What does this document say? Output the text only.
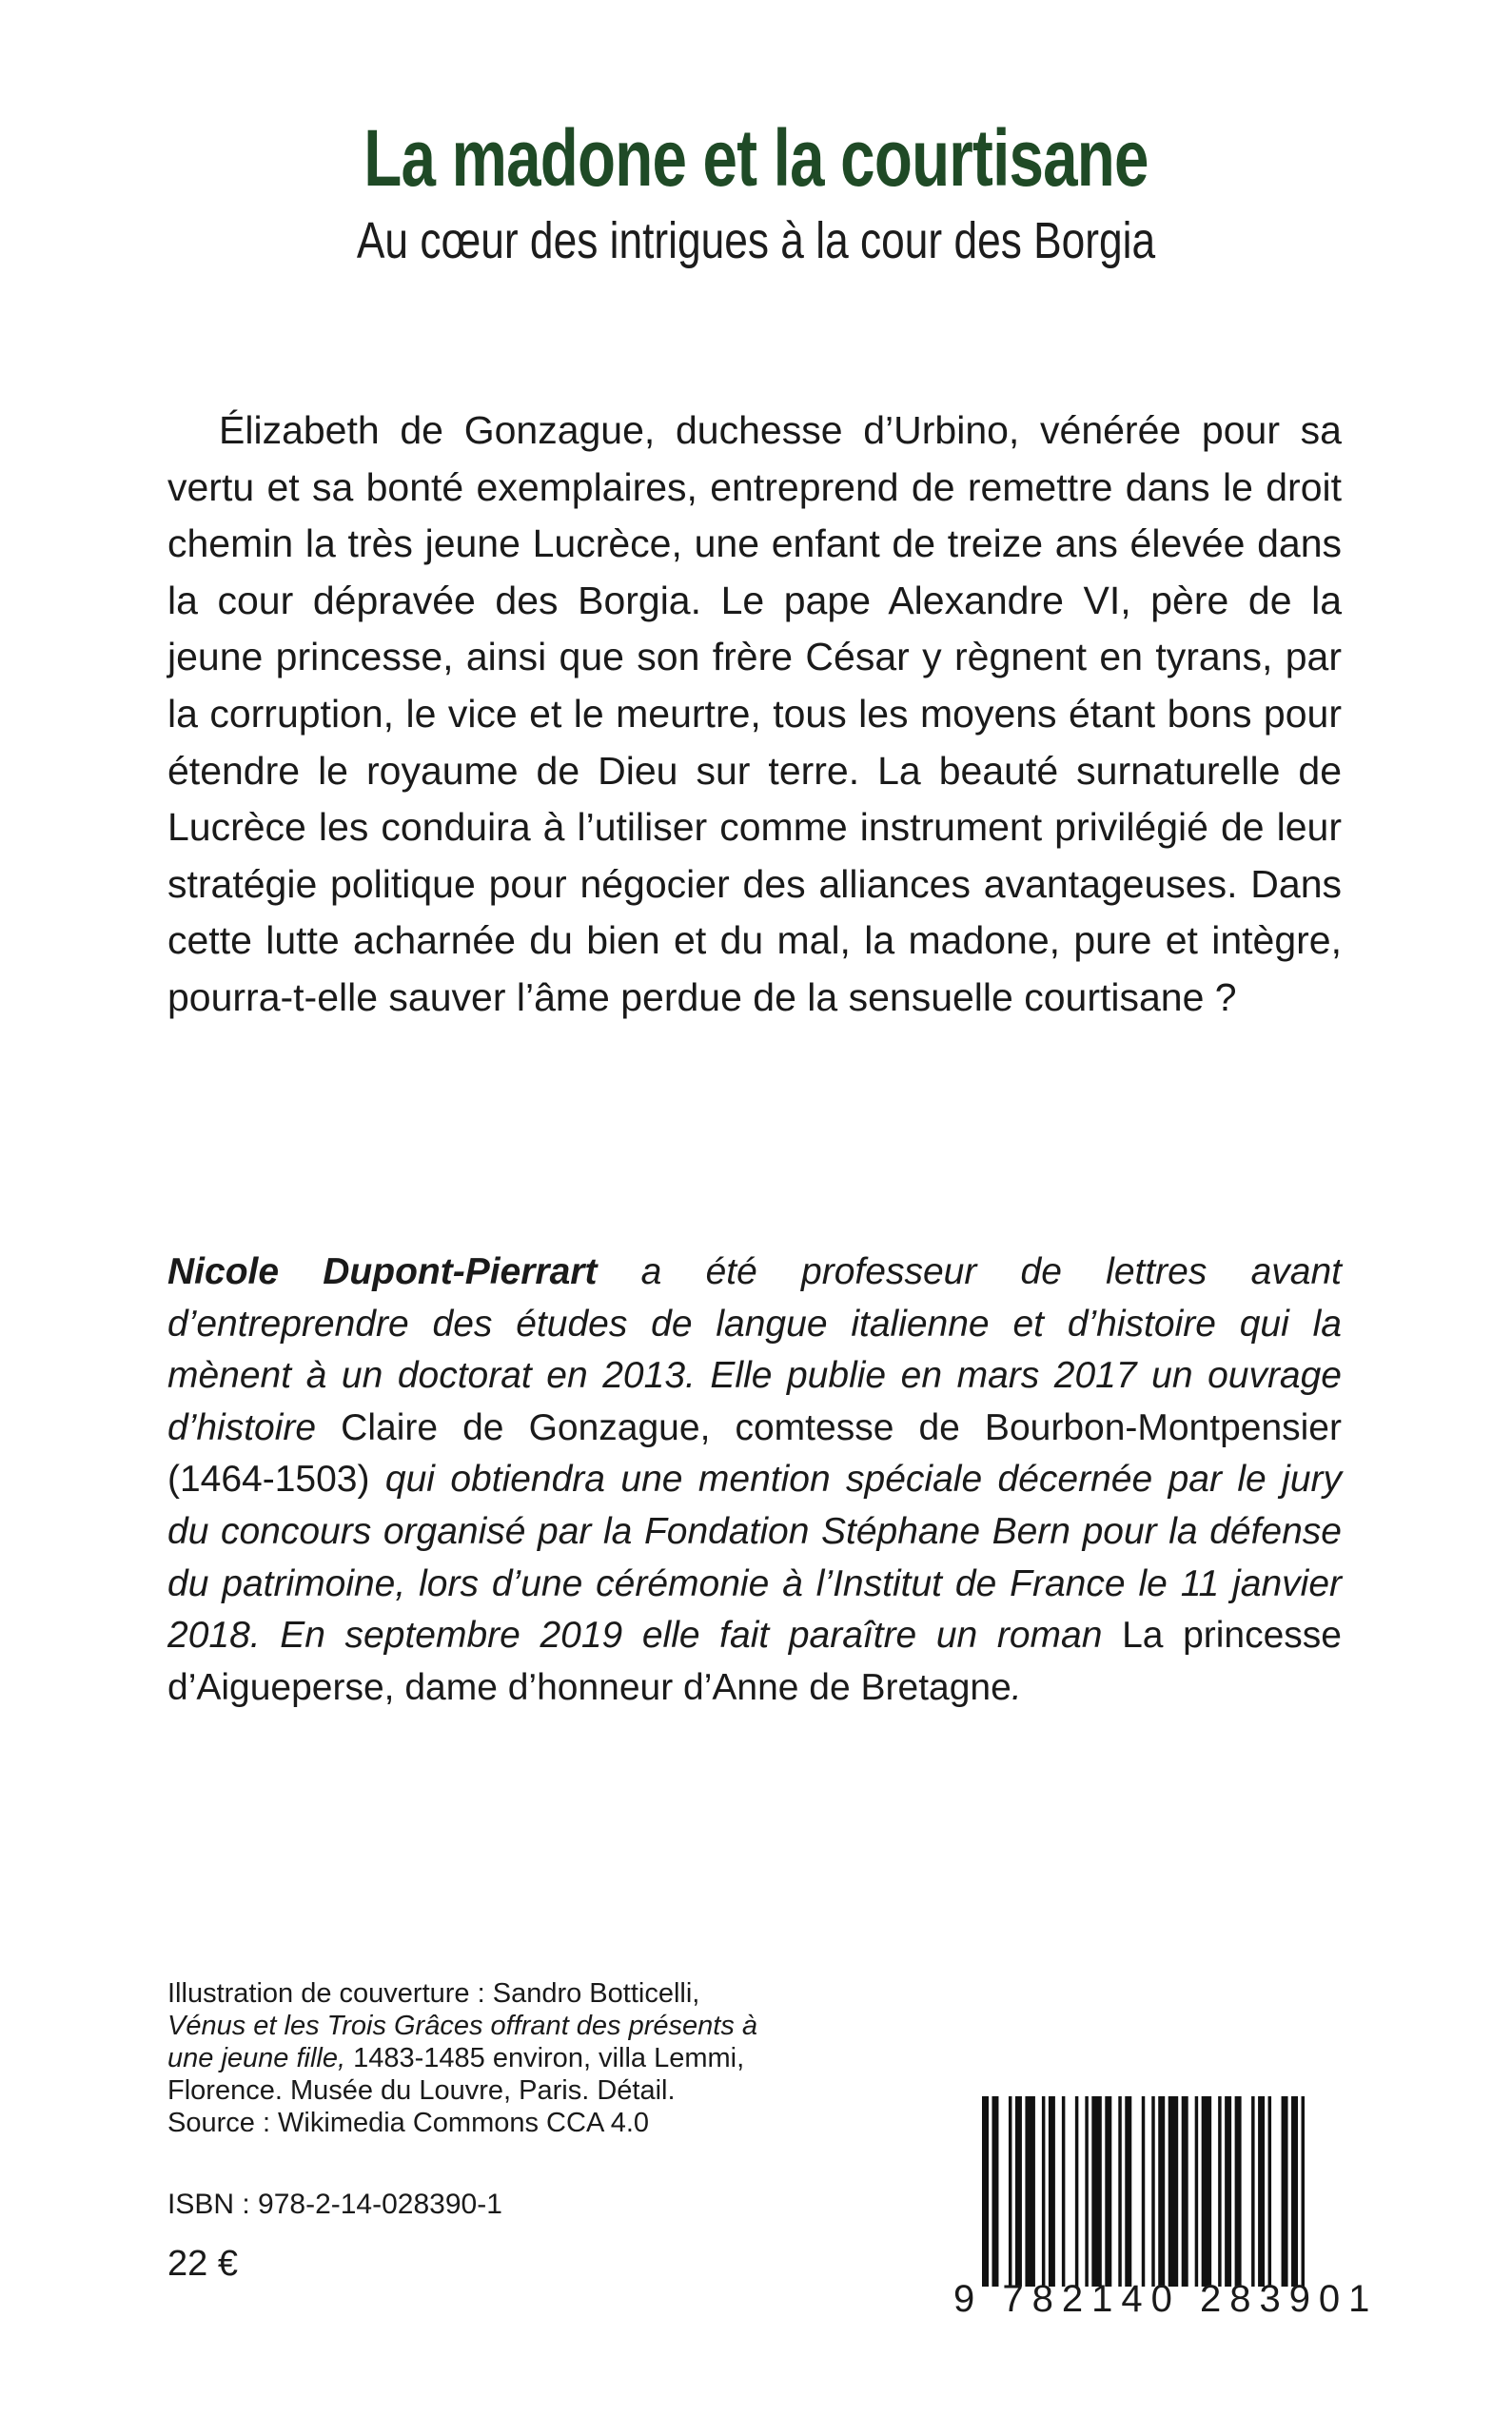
La madone et la courtisane
Au cœur des intrigues à la cour des Borgia

Élizabeth de Gonzague, duchesse d’Urbino, vénérée pour sa vertu et sa bonté exemplaires, entreprend de remettre dans le droit chemin la très jeune Lucrèce, une enfant de treize ans élevée dans la cour dépravée des Borgia. Le pape Alexandre VI, père de la jeune princesse, ainsi que son frère César y règnent en tyrans, par la corruption, le vice et le meurtre, tous les moyens étant bons pour étendre le royaume de Dieu sur terre. La beauté surnaturelle de Lucrèce les conduira à l’utiliser comme instrument privilégié de leur stratégie politique pour négocier des alliances avantageuses. Dans cette lutte acharnée du bien et du mal, la madone, pure et intègre, pourra-t-elle sauver l’âme perdue de la sensuelle courtisane ?

Nicole Dupont-Pierrart a été professeur de lettres avant d’entreprendre des études de langue italienne et d’histoire qui la mènent à un doctorat en 2013. Elle publie en mars 2017 un ouvrage d’histoire Claire de Gonzague, comtesse de Bourbon-Montpensier (1464-1503) qui obtiendra une mention spéciale décernée par le jury du concours organisé par la Fondation Stéphane Bern pour la défense du patrimoine, lors d’une cérémonie à l’Institut de France le 11 janvier 2018. En septembre 2019 elle fait paraître un roman La princesse d’Aigueperse, dame d’honneur d’Anne de Bretagne.

Illustration de couverture : Sandro Botticelli,
Vénus et les Trois Grâces offrant des présents à une jeune fille, 1483-1485 environ, villa Lemmi, Florence. Musée du Louvre, Paris. Détail.
Source : Wikimedia Commons CCA 4.0

ISBN : 978-2-14-028390-1
22 €
9 782140 283901
